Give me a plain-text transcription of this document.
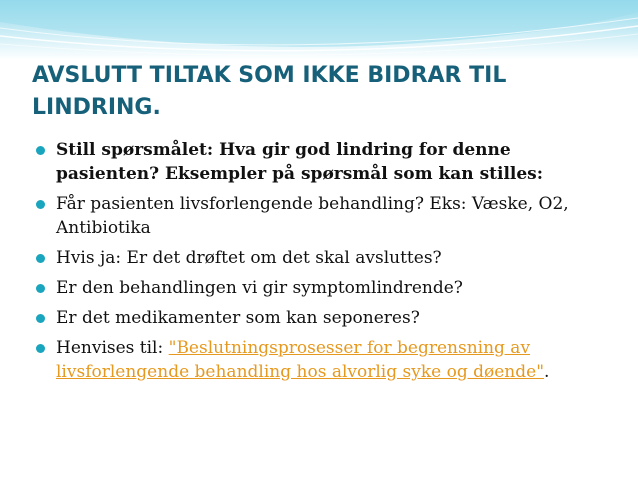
AVSLUTT TILTAK SOM IKKE BIDRAR TIL LINDRING.
Still spørsmålet: Hva gir god lindring for denne pasienten? Eksempler på spørsmål som kan stilles:
Får pasienten livsforlengende behandling? Eks: Væske, O2, Antibiotika
Hvis ja: Er det drøftet om det skal avsluttes?
Er den behandlingen vi gir symptomlindrende?
Er det medikamenter som kan seponeres?
Henvises til: "Beslutningsprosesser for begrensning av livsforlengende behandling hos alvorlig syke og døende".
